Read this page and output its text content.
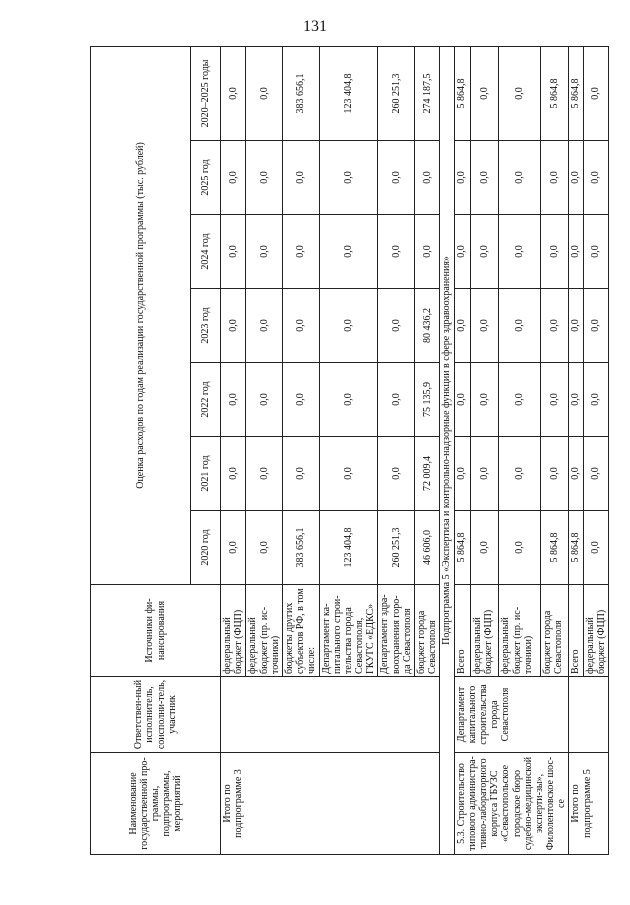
131
Наименование государственной про-граммы, подпрограммы, мероприятий	Ответствен-ный исполнитель, соисполни-тель, участник	Источники фи-нансирования	Оценка расходов по годам реализации государственной программы (тыс. рублей)						
			2020 год	2021 год	2022 год	2023 год	2024 год	2025 год	2020–2025 годы
Итого по подпрограмме 3		федеральный бюджет (ФЦП)	0,0	0,0	0,0	0,0	0,0	0,0	0,0
		федеральный бюджет (пр. ис-точники)	0,0	0,0	0,0	0,0	0,0	0,0	0,0
		бюджеты других субъектов РФ, в том числе:	383 656,1	0,0	0,0	0,0	0,0	0,0	383 656,1
		Департамент ка-питального строи-тельства города Севастополя, ГКУГС «ЕДКС»	123 404,8	0,0	0,0	0,0	0,0	0,0	123 404,8
		Департамент здра-воохранения горо-да Севастополя	260 251,3	0,0	0,0	0,0	0,0	0,0	260 251,3
		бюджет города Севастополя	46 606,0	72 009,4	75 135,9	80 436,2	0,0	0,0	274 187,5
Подпрограмма 5 «Экспертиза и контрольно-надзорные функции в сфере здравоохранения»									
5.3. Строительство типового администра-тивно-лабораторного корпуса ГБУЗС «Севастопольское городское бюро судебно-медицинской эксперти-зы», Филолентовское шос-се	Департамент капитального строительства города Севастополя	Всего	5 864,8	0,0	0,0	0,0	0,0	0,0	5 864,8
		федеральный бюджет (ФЦП)	0,0	0,0	0,0	0,0	0,0	0,0	0,0
		федеральный бюджет (пр. ис-точники)	0,0	0,0	0,0	0,0	0,0	0,0	0,0
		бюджет города Севастополя	5 864,8	0,0	0,0	0,0	0,0	0,0	5 864,8
Итого по подпрограмме 5		Всего	5 864,8	0,0	0,0	0,0	0,0	0,0	5 864,8
		федеральный бюджет (ФЦП)	0,0	0,0	0,0	0,0	0,0	0,0	0,0
